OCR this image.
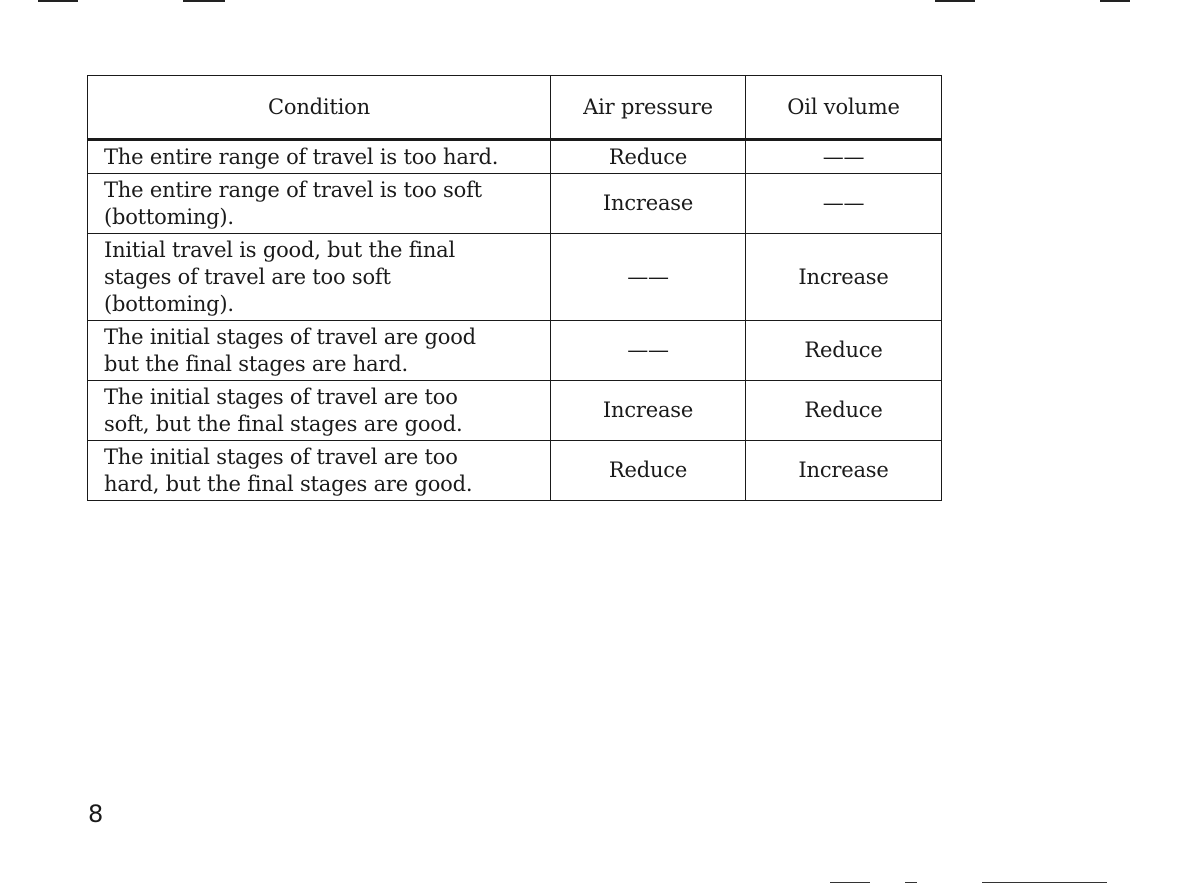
Condition	Air pressure	Oil volume
The entire range of travel is too hard.	Reduce	——
The entire range of travel is too soft (bottoming).	Increase	——
Initial travel is good, but the final stages of travel are too soft (bottoming).	——	Increase
The initial stages of travel are good but the final stages are hard.	——	Reduce
The initial stages of travel are too soft, but the final stages are good.	Increase	Reduce
The initial stages of travel are too hard, but the final stages are good.	Reduce	Increase
8
